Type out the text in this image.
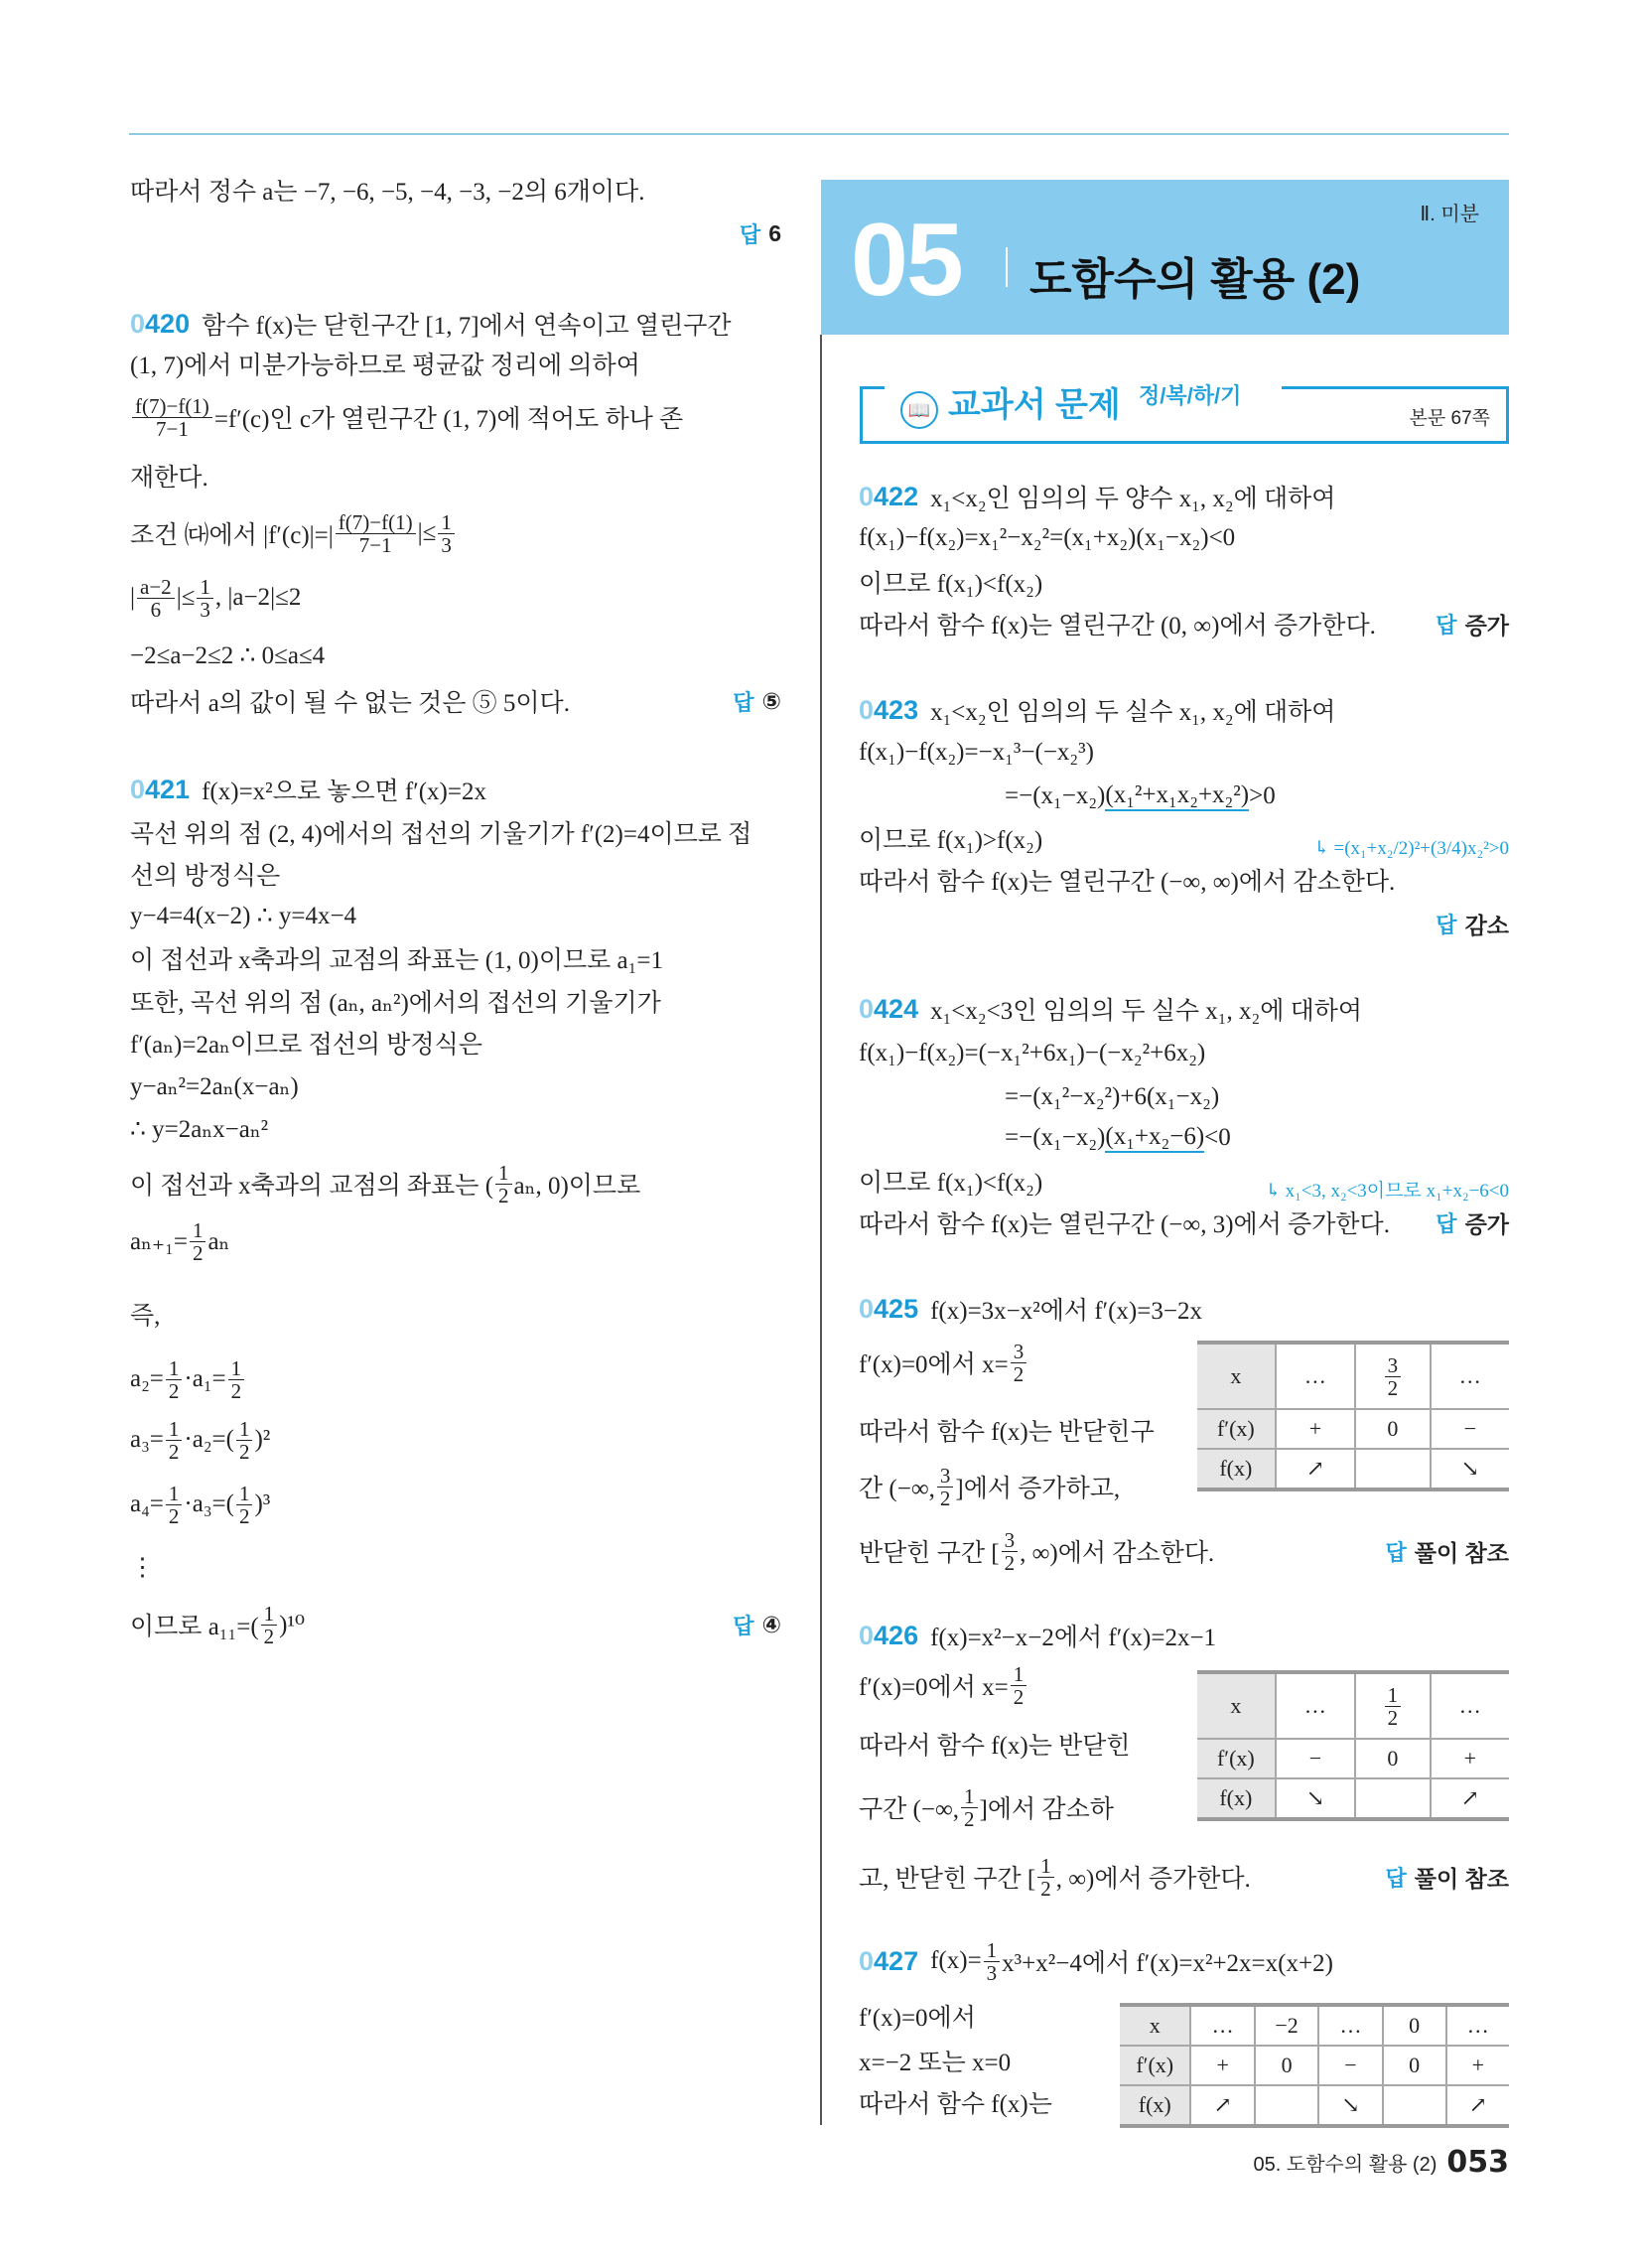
Ⅱ. 미분
05 도함수의 활용 (2)
📖 교과서 문제 정/복/하/기
본문 67쪽
따라서 정수 a는 −7, −6, −5, −4, −3, −2의 6개이다.
답 6
0420 함수 f(x)는 닫힌구간 [1, 7]에서 연속이고 열린구간
(1, 7)에서 미분가능하므로 평균값 정리에 의하여
$\frac{f(7)-f(1)}{7-1} =f'(c)$인 c가 열린구간 (1, 7)에 적어도 하나 존
재한다.
조건 ㈐에서 $|f'(c)|=| \frac{f(7)-f(1)}{7-1}$ |≤ $\frac{1}{3}$
| $\frac{a-2}{6}$ |≤ $\frac{1}{3}$ , |a−2|≤2
−2≤a−2≤2 ∴ 0≤a≤4
따라서 a의 값이 될 수 없는 것은 ⑤ 5이다.	답 ⑤
0421 f(x)=x²으로 놓으면 f′(x)=2x
곡선 위의 점 (2, 4)에서의 접선의 기울기가 f′(2)=4이므로 접
선의 방정식은
y−4=4(x−2) ∴ y=4x−4
이 접선과 x축과의 교점의 좌표는 (1, 0)이므로 a₁=1
또한, 곡선 위의 점 (aₙ, aₙ²)에서의 접선의 기울기가
f′(aₙ)=2aₙ이므로 접선의 방정식은
y−aₙ²=2aₙ(x−aₙ)
∴ y=2aₙx−aₙ²
이 접선과 x축과의 교점의 좌표는 ( $\frac{1}{2} a_n$, 0)이므로
$a_{n+1}= \frac{1}{2}$ aₙ
즉,
$a_2= \frac{1}{2} \cdot a_1= \frac{1}{2}$
$a_3= \frac{1}{2} \cdot a_2=( \frac{1}{2} )^2$
$a_4= \frac{1}{2} \cdot a_3=( \frac{1}{2} )^3$
⋮
이므로 $a_{11}=( \frac{1}{2} )^{10}$	답 ④
0422 x₁<x₂인 임의의 두 양수 x₁, x₂에 대하여
f(x₁)−f(x₂)=x₁²−x₂²=(x₁+x₂)(x₁−x₂)<0
이므로 f(x₁)<f(x₂)
따라서 함수 f(x)는 열린구간 (0, ∞)에서 증가한다.	답 증가
0423 x₁<x₂인 임의의 두 실수 x₁, x₂에 대하여
f(x₁)−f(x₂)=−x₁³−(−x₂³)
=−(x₁−x₂) (x₁²+x₁x₂+x₂²) >0
이므로 f(x₁)>f(x₂)	↳ =(x₁+x₂/2)²+(3/4)x₂²>0
따라서 함수 f(x)는 열린구간 (−∞, ∞)에서 감소한다.
답 감소
0424 x₁<x₂<3인 임의의 두 실수 x₁, x₂에 대하여
f(x₁)−f(x₂)=(−x₁²+6x₁)−(−x₂²+6x₂)
=−(x₁²−x₂²)+6(x₁−x₂)
=−(x₁−x₂) (x₁+x₂−6) <0
이므로 f(x₁)<f(x₂)	↳ x₁<3, x₂<3이므로 x₁+x₂−6<0
따라서 함수 f(x)는 열린구간 (−∞, 3)에서 증가한다. 답 증가
0425 f(x)=3x−x²에서 f′(x)=3−2x
f′(x)=0에서 $x= \frac{3}{2}$
따라서 함수 f(x)는 반닫힌구
간 (−∞, $\frac{3}{2}$ ]에서 증가하고,
반닫힌 구간 [ $\frac{3}{2}$ , ∞)에서 감소한다.	답 풀이 참조
x	…	$\frac{3}{2}$	…
f′(x)	+	0	−
f(x)	↗		↘
0426 f(x)=x²−x−2에서 f′(x)=2x−1
f′(x)=0에서 $x= \frac{1}{2}$
따라서 함수 f(x)는 반닫힌
구간 (−∞, $\frac{1}{2}$ ]에서 감소하
고, 반닫힌 구간 [ $\frac{1}{2}$ , ∞)에서 증가한다.	답 풀이 참조
x	…	$\frac{1}{2}$	…
f′(x)	−	0	+
f(x)	↘		↗
0427 $f(x)= \frac{1}{3} x^3+x^2-4$에서 f′(x)=x²+2x=x(x+2)
f′(x)=0에서
x=−2 또는 x=0
따라서 함수 f(x)는
x	…	−2	…	0	…
f′(x)	+	0	−	0	+
f(x)	↗		↘		↗
05. 도함수의 활용 (2) 053
